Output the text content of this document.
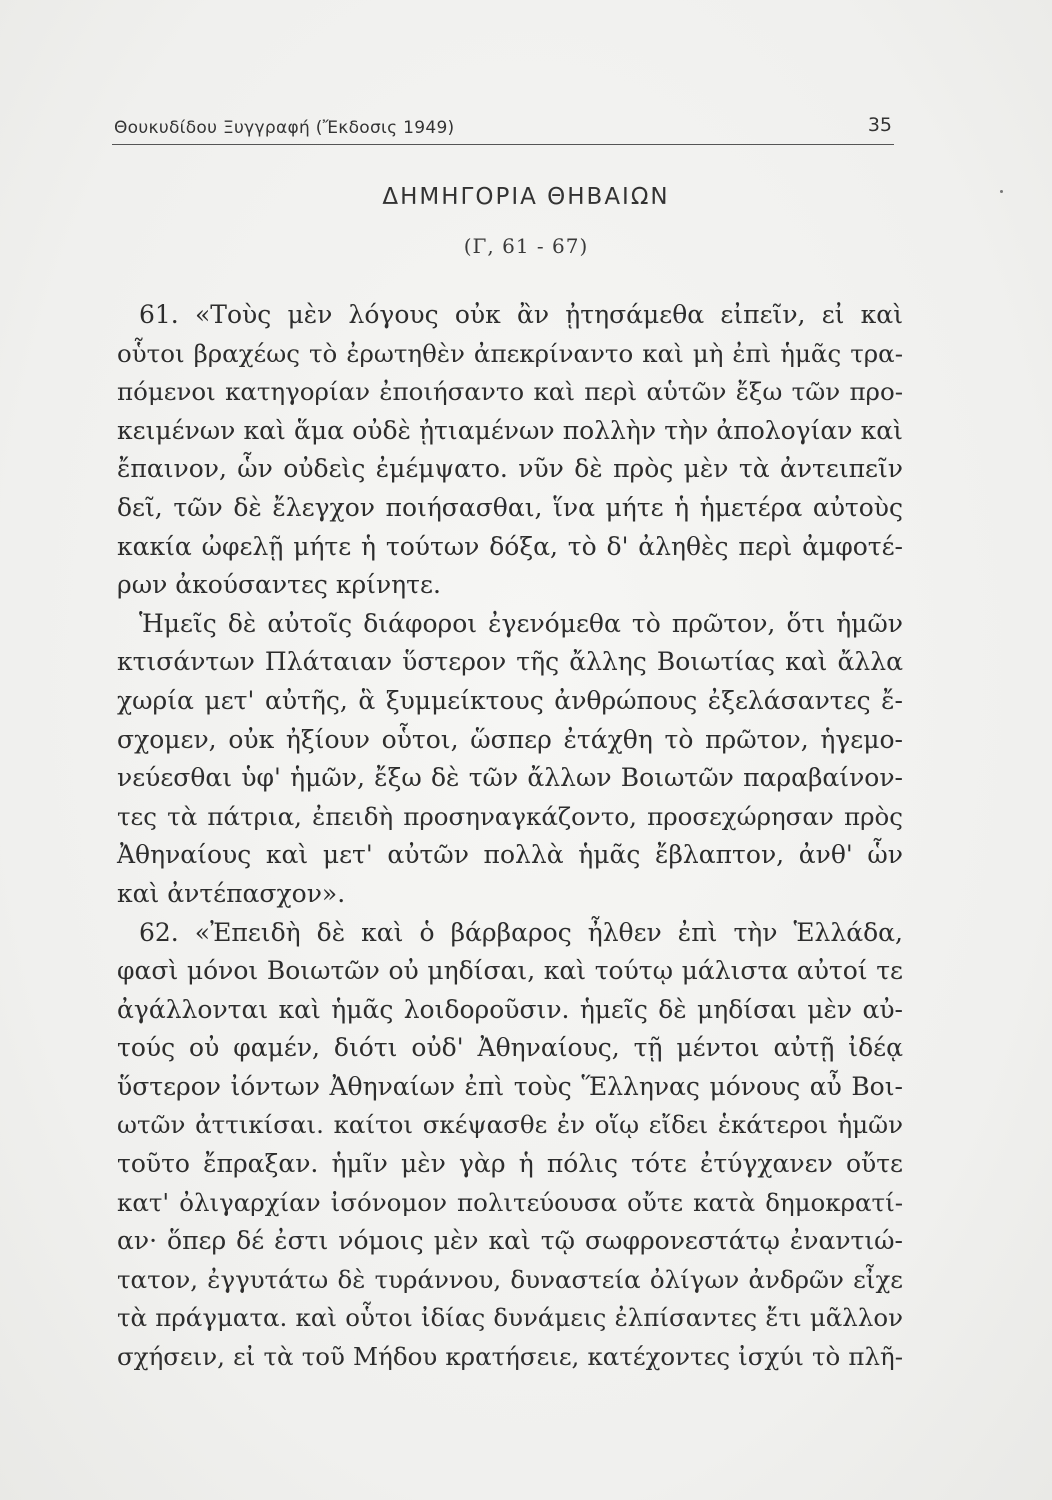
Θουκυδίδου Ξυγγραφή (Ἔκδοσις 1949)	35
ΔΗΜΗΓΟΡΙΑ ΘΗΒΑΙΩΝ
(Γ, 61 - 67)
61. «Τοὺς μὲν λόγους οὐκ ἂν ᾐτησάμεθα εἰπεῖν, εἰ καὶ
οὗτοι βραχέως τὸ ἐρωτηθὲν ἀπεκρίναντο καὶ μὴ ἐπὶ ἡμᾶς τρα-
πόμενοι κατηγορίαν ἐποιήσαντο καὶ περὶ αὑτῶν ἔξω τῶν προ-
κειμένων καὶ ἅμα οὐδὲ ᾐτιαμένων πολλὴν τὴν ἀπολογίαν καὶ
ἔπαινον, ὧν οὐδεὶς ἐμέμψατο. νῦν δὲ πρὸς μὲν τὰ ἀντειπεῖν
δεῖ, τῶν δὲ ἔλεγχον ποιήσασθαι, ἵνα μήτε ἡ ἡμετέρα αὐτοὺς
κακία ὠφελῇ μήτε ἡ τούτων δόξα, τὸ δ' ἀληθὲς περὶ ἀμφοτέ-
ρων ἀκούσαντες κρίνητε.
Ἡμεῖς δὲ αὐτοῖς διάφοροι ἐγενόμεθα τὸ πρῶτον, ὅτι ἡμῶν
κτισάντων Πλάταιαν ὕστερον τῆς ἄλλης Βοιωτίας καὶ ἄλλα
χωρία μετ' αὐτῆς, ἃ ξυμμείκτους ἀνθρώπους ἐξελάσαντες ἔ-
σχομεν, οὐκ ἠξίουν οὗτοι, ὥσπερ ἐτάχθη τὸ πρῶτον, ἡγεμο-
νεύεσθαι ὑφ' ἡμῶν, ἔξω δὲ τῶν ἄλλων Βοιωτῶν παραβαίνον-
τες τὰ πάτρια, ἐπειδὴ προσηναγκάζοντο, προσεχώρησαν πρὸς
Ἀθηναίους καὶ μετ' αὐτῶν πολλὰ ἡμᾶς ἔβλαπτον, ἀνθ' ὧν
καὶ ἀντέπασχον».
62. «Ἐπειδὴ δὲ καὶ ὁ βάρβαρος ἦλθεν ἐπὶ τὴν Ἑλλάδα,
φασὶ μόνοι Βοιωτῶν οὐ μηδίσαι, καὶ τούτῳ μάλιστα αὐτοί τε
ἀγάλλονται καὶ ἡμᾶς λοιδοροῦσιν. ἡμεῖς δὲ μηδίσαι μὲν αὐ-
τούς οὐ φαμέν, διότι οὐδ' Ἀθηναίους, τῇ μέντοι αὐτῇ ἰδέᾳ
ὕστερον ἰόντων Ἀθηναίων ἐπὶ τοὺς Ἕλληνας μόνους αὖ Βοι-
ωτῶν ἀττικίσαι. καίτοι σκέψασθε ἐν οἵῳ εἴδει ἑκάτεροι ἡμῶν
τοῦτο ἔπραξαν. ἡμῖν μὲν γὰρ ἡ πόλις τότε ἐτύγχανεν οὔτε
κατ' ὀλιγαρχίαν ἰσόνομον πολιτεύουσα οὔτε κατὰ δημοκρατί-
αν· ὅπερ δέ ἐστι νόμοις μὲν καὶ τῷ σωφρονεστάτῳ ἐναντιώ-
τατον, ἐγγυτάτω δὲ τυράννου, δυναστεία ὀλίγων ἀνδρῶν εἶχε
τὰ πράγματα. καὶ οὗτοι ἰδίας δυνάμεις ἐλπίσαντες ἔτι μᾶλλον
σχήσειν, εἰ τὰ τοῦ Μήδου κρατήσειε, κατέχοντες ἰσχύι τὸ πλῆ-
